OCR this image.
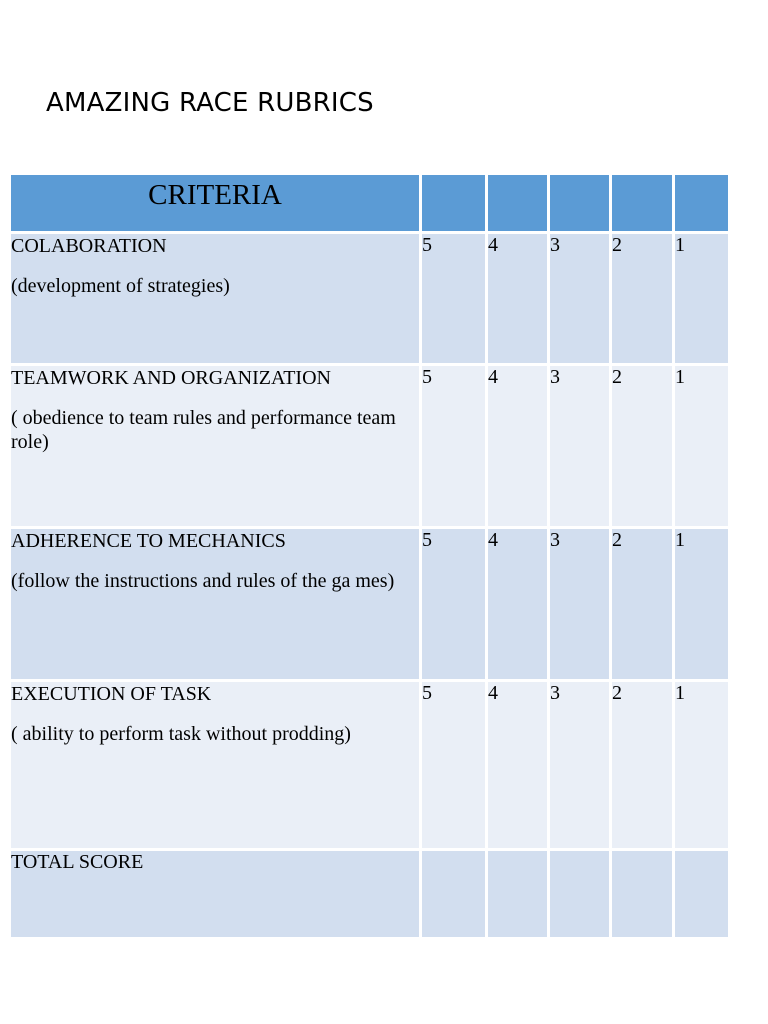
AMAZING RACE RUBRICS
CRITERIA					

COLABORATION

(development of strategies)	5	4	3	2	1

TEAMWORK AND ORGANIZATION

( obedience to team rules and performance team role)	5	4	3	2	1

ADHERENCE TO MECHANICS

(follow the instructions and rules of the ga mes)	5	4	3	2	1

EXECUTION OF TASK

( ability to perform task without prodding)	5	4	3	2	1
TOTAL SCORE					
